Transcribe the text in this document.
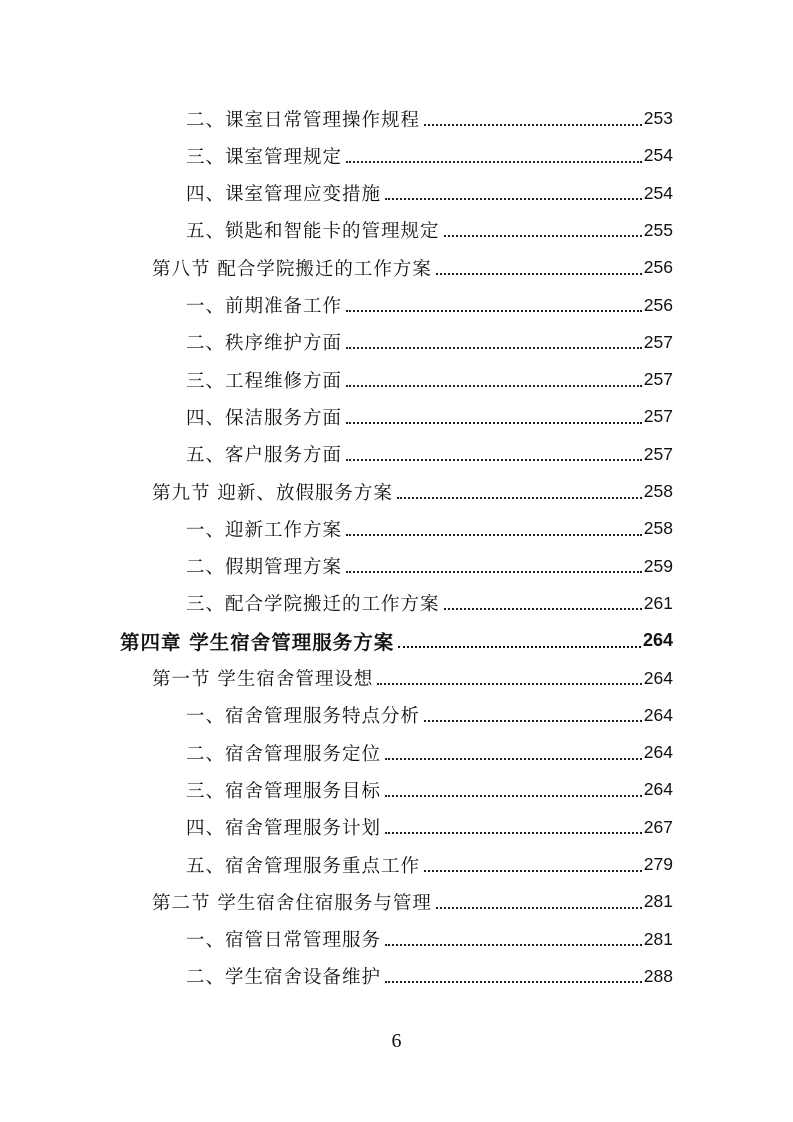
二、课室日常管理操作规程	253
三、课室管理规定	254
四、课室管理应变措施	254
五、锁匙和智能卡的管理规定	255
第八节 配合学院搬迁的工作方案	256
一、前期准备工作	256
二、秩序维护方面	257
三、工程维修方面	257
四、保洁服务方面	257
五、客户服务方面	257
第九节 迎新、放假服务方案	258
一、迎新工作方案	258
二、假期管理方案	259
三、配合学院搬迁的工作方案	261
第四章 学生宿舍管理服务方案	264
第一节 学生宿舍管理设想	264
一、宿舍管理服务特点分析	264
二、宿舍管理服务定位	264
三、宿舍管理服务目标	264
四、宿舍管理服务计划	267
五、宿舍管理服务重点工作	279
第二节 学生宿舍住宿服务与管理	281
一、宿管日常管理服务	281
二、学生宿舍设备维护	288
6
